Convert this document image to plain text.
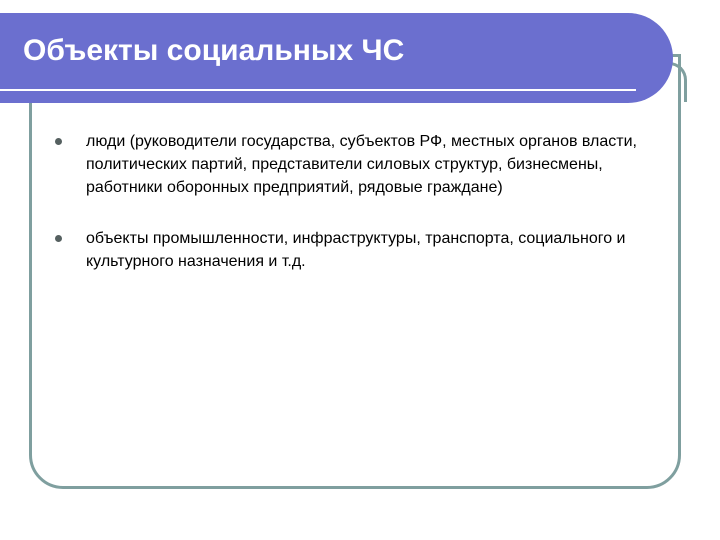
Объекты социальных ЧС
люди (руководители государства, субъектов РФ, местных органов власти, политических партий, представители силовых структур, бизнесмены, работники оборонных предприятий, рядовые граждане)
объекты промышленности, инфраструктуры, транспорта, социального и культурного назначения и т.д.
